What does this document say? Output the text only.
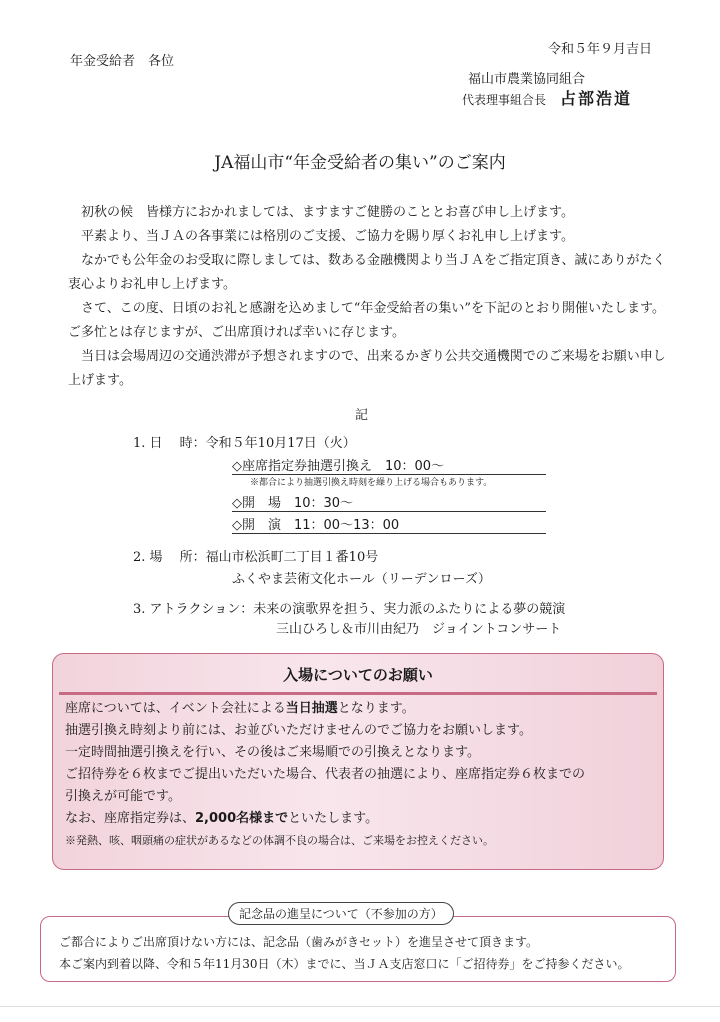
令和５年９月吉日
年金受給者　各位
福山市農業協同組合
代表理事組合長 占部浩道
JA福山市“年金受給者の集い”のご案内

初秋の候　皆様方におかれましては、ますますご健勝のこととお喜び申し上げます。

平素より、当ＪＡの各事業には格別のご支援、ご協力を賜り厚くお礼申し上げます。

なかでも公年金のお受取に際しましては、数ある金融機関より当ＪＡをご指定頂き、誠にありがたく衷心よりお礼申し上げます。

さて、この度、日頃のお礼と感謝を込めまして“年金受給者の集い”を下記のとおり開催いたします。ご多忙とは存じますが、ご出席頂ければ幸いに存じます。

当日は会場周辺の交通渋滞が予想されますので、出来るかぎり公共交通機関でのご来場をお願い申し上げます。

記
1. 日　 時：令和５年10月17日（火）
◇座席指定券抽選引換え　10：00～
※都合により抽選引換え時刻を繰り上げる場合もあります。
◇開　場　10：30～
◇開　演　11：00～13：00
2. 場　 所：福山市松浜町二丁目１番10号
ふくやま芸術文化ホール（リーデンローズ）
3. アトラクション：未来の演歌界を担う、実力派のふたりによる夢の競演
三山ひろし＆市川由紀乃　ジョイントコンサート
入場についてのお願い
座席については、イベント会社による当日抽選となります。
抽選引換え時刻より前には、お並びいただけませんのでご協力をお願いします。
一定時間抽選引換えを行い、その後はご来場順での引換えとなります。
ご招待券を６枚までご提出いただいた場合、代表者の抽選により、座席指定券６枚までの
引換えが可能です。
なお、座席指定券は、2,000名様までといたします。
※発熱、咳、咽頭痛の症状があるなどの体調不良の場合は、ご来場をお控えください。
ご都合によりご出席頂けない方には、記念品（歯みがきセット）を進呈させて頂きます。
本ご案内到着以降、令和５年11月30日（木）までに、当ＪＡ支店窓口に「ご招待券」をご持参ください。
記念品の進呈について（不参加の方）
